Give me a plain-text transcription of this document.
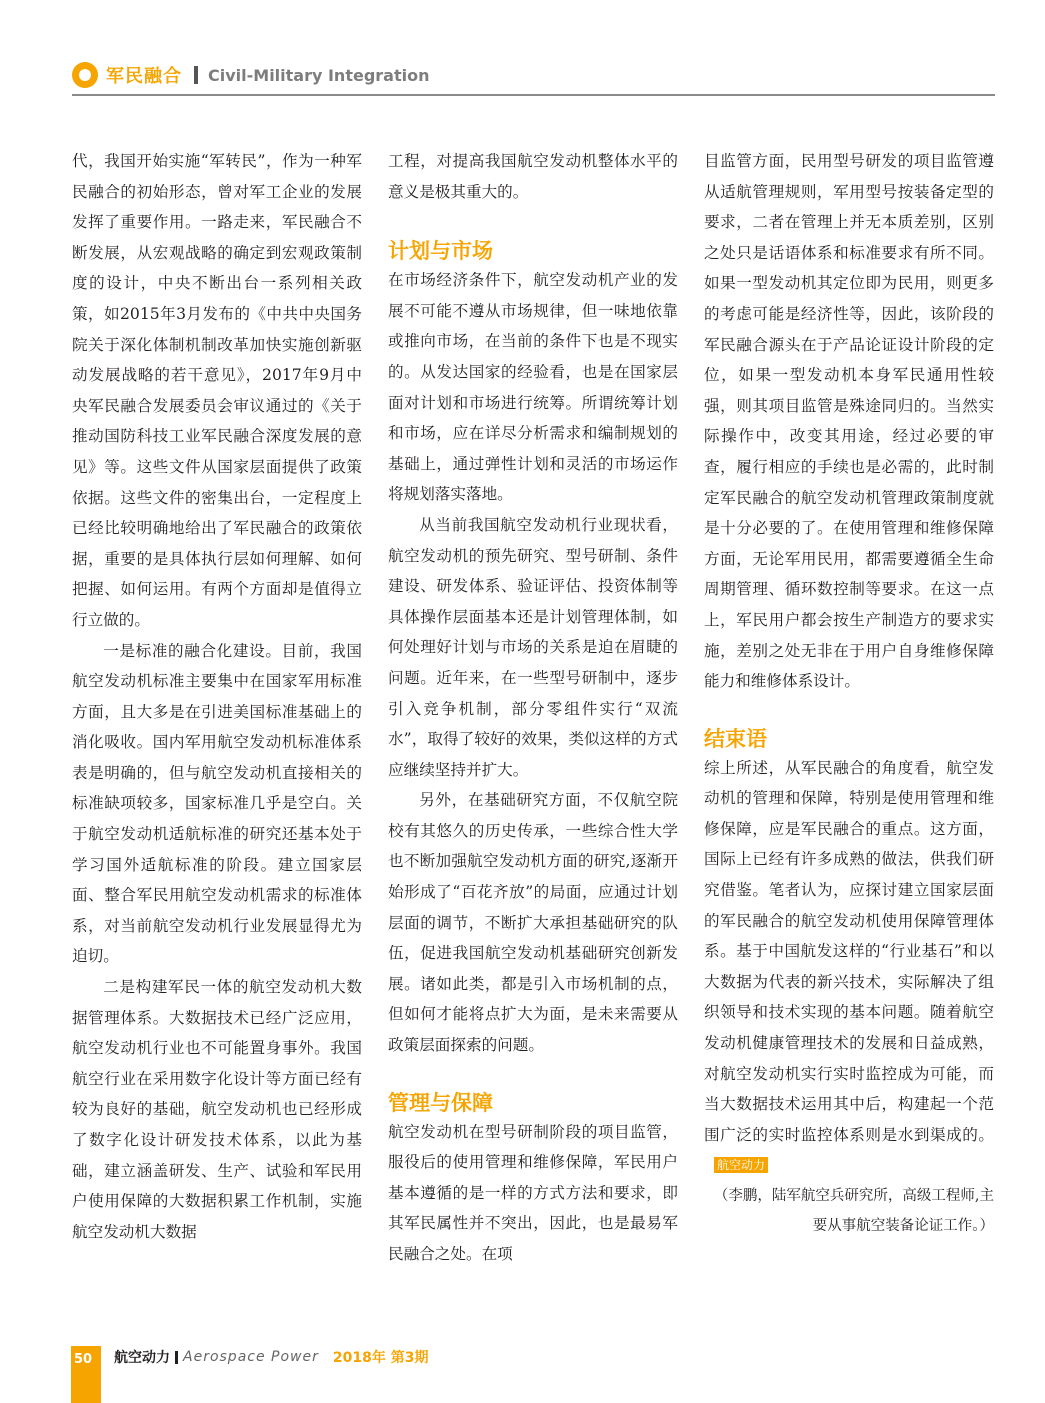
军民融合 Civil-Military Integration

代，我国开始实施“军转民”，作为一种军民融合的初始形态，曾对军工企业的发展发挥了重要作用。一路走来，军民融合不断发展，从宏观战略的确定到宏观政策制度的设计，中央不断出台一系列相关政策，如2015年3月发布的《中共中央国务院关于深化体制机制改革加快实施创新驱动发展战略的若干意见》，2017年9月中央军民融合发展委员会审议通过的《关于推动国防科技工业军民融合深度发展的意见》等。这些文件从国家层面提供了政策依据。这些文件的密集出台，一定程度上已经比较明确地给出了军民融合的政策依据，重要的是具体执行层如何理解、如何把握、如何运用。有两个方面却是值得立行立做的。

一是标准的融合化建设。目前，我国航空发动机标准主要集中在国家军用标准方面，且大多是在引进美国标准基础上的消化吸收。国内军用航空发动机标准体系表是明确的，但与航空发动机直接相关的标准缺项较多，国家标准几乎是空白。关于航空发动机适航标准的研究还基本处于学习国外适航标准的阶段。建立国家层面、整合军民用航空发动机需求的标准体系，对当前航空发动机行业发展显得尤为迫切。

二是构建军民一体的航空发动机大数据管理体系。大数据技术已经广泛应用，航空发动机行业也不可能置身事外。我国航空行业在采用数字化设计等方面已经有较为良好的基础，航空发动机也已经形成了数字化设计研发技术体系，以此为基础，建立涵盖研发、生产、试验和军民用户使用保障的大数据积累工作机制，实施航空发动机大数据

工程，对提高我国航空发动机整体水平的意义是极其重大的。

计划与市场

在市场经济条件下，航空发动机产业的发展不可能不遵从市场规律，但一味地依靠或推向市场，在当前的条件下也是不现实的。从发达国家的经验看，也是在国家层面对计划和市场进行统筹。所谓统筹计划和市场，应在详尽分析需求和编制规划的基础上，通过弹性计划和灵活的市场运作将规划落实落地。

从当前我国航空发动机行业现状看，航空发动机的预先研究、型号研制、条件建设、研发体系、验证评估、投资体制等具体操作层面基本还是计划管理体制，如何处理好计划与市场的关系是迫在眉睫的问题。近年来，在一些型号研制中，逐步引入竞争机制，部分零组件实行“双流水”，取得了较好的效果，类似这样的方式应继续坚持并扩大。

另外，在基础研究方面，不仅航空院校有其悠久的历史传承，一些综合性大学也不断加强航空发动机方面的研究,逐渐开始形成了“百花齐放”的局面，应通过计划层面的调节，不断扩大承担基础研究的队伍，促进我国航空发动机基础研究创新发展。诸如此类，都是引入市场机制的点，但如何才能将点扩大为面，是未来需要从政策层面探索的问题。

管理与保障

航空发动机在型号研制阶段的项目监管，服役后的使用管理和维修保障，军民用户基本遵循的是一样的方式方法和要求，即其军民属性并不突出，因此，也是最易军民融合之处。在项

目监管方面，民用型号研发的项目监管遵从适航管理规则，军用型号按装备定型的要求，二者在管理上并无本质差别，区别之处只是话语体系和标准要求有所不同。如果一型发动机其定位即为民用，则更多的考虑可能是经济性等，因此，该阶段的军民融合源头在于产品论证设计阶段的定位，如果一型发动机本身军民通用性较强，则其项目监管是殊途同归的。当然实际操作中，改变其用途，经过必要的审查，履行相应的手续也是必需的，此时制定军民融合的航空发动机管理政策制度就是十分必要的了。在使用管理和维修保障方面，无论军用民用，都需要遵循全生命周期管理、循环数控制等要求。在这一点上，军民用户都会按生产制造方的要求实施，差别之处无非在于用户自身维修保障能力和维修体系设计。

结束语

综上所述，从军民融合的角度看，航空发动机的管理和保障，特别是使用管理和维修保障，应是军民融合的重点。这方面，国际上已经有许多成熟的做法，供我们研究借鉴。笔者认为，应探讨建立国家层面的军民融合的航空发动机使用保障管理体系。基于中国航发这样的“行业基石”和以大数据为代表的新兴技术，实际解决了组织领导和技术实现的基本问题。随着航空发动机健康管理技术的发展和日益成熟，对航空发动机实行实时监控成为可能，而当大数据技术运用其中后，构建起一个范围广泛的实时监控体系则是水到渠成的。航空动力

（李鹏，陆军航空兵研究所，高级工程师,主要从事航空装备论证工作。）

50 航空动力 Aerospace Power 2018年 第3期
